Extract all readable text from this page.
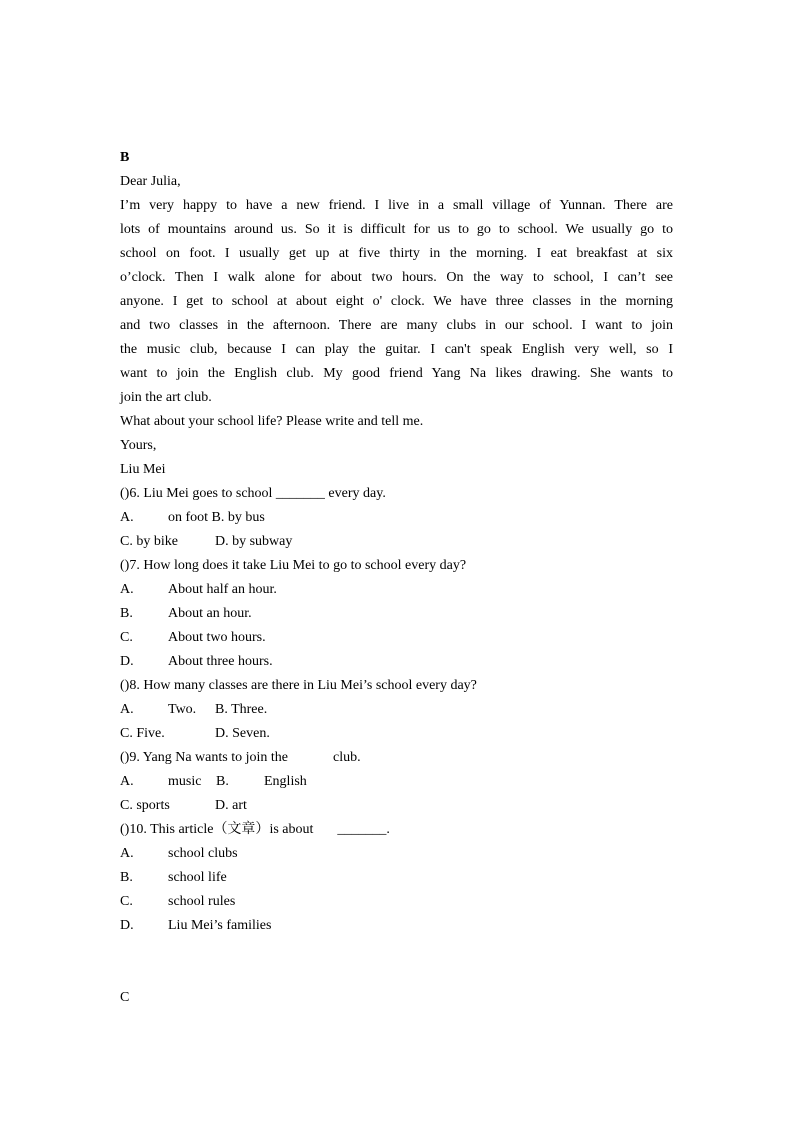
B
Dear Julia,
I’m very happy to have a new friend. I live in a small village of Yunnan. There are
lots of mountains around us. So it is difficult for us to go to school. We usually go to
school on foot. I usually get up at five thirty in the morning. I eat breakfast at six
o’clock. Then I walk alone for about two hours. On the way to school, I can’t see
anyone. I get to school at about eight o' clock. We have three classes in the morning
and two classes in the afternoon. There are many clubs in our school. I want to join
the music club, because I can play the guitar. I can't speak English very well, so I
want to join the English club. My good friend Yang Na likes drawing. She wants to
join the art club.
What about your school life? Please write and tell me.
Yours,
Liu Mei
()6. Liu Mei goes to school _______ every day.
A. on foot B. by bus
C. by bike	D. by subway
()7. How long does it take Liu Mei to go to school every day?
A. About half an hour.
B.	About an hour.
C.	About two hours.
D. About three hours.
()8. How many classes are there in Liu Mei’s school every day?
A. Two. B. Three.
C. Five.	D. Seven.
()9. Yang Na wants to join the	club.
A. music B.	English
C. sports	D. art
()10. This article（文章）is about _______.
A. school clubs
B.	school life
C.	school rules
D. Liu Mei’s families
C
